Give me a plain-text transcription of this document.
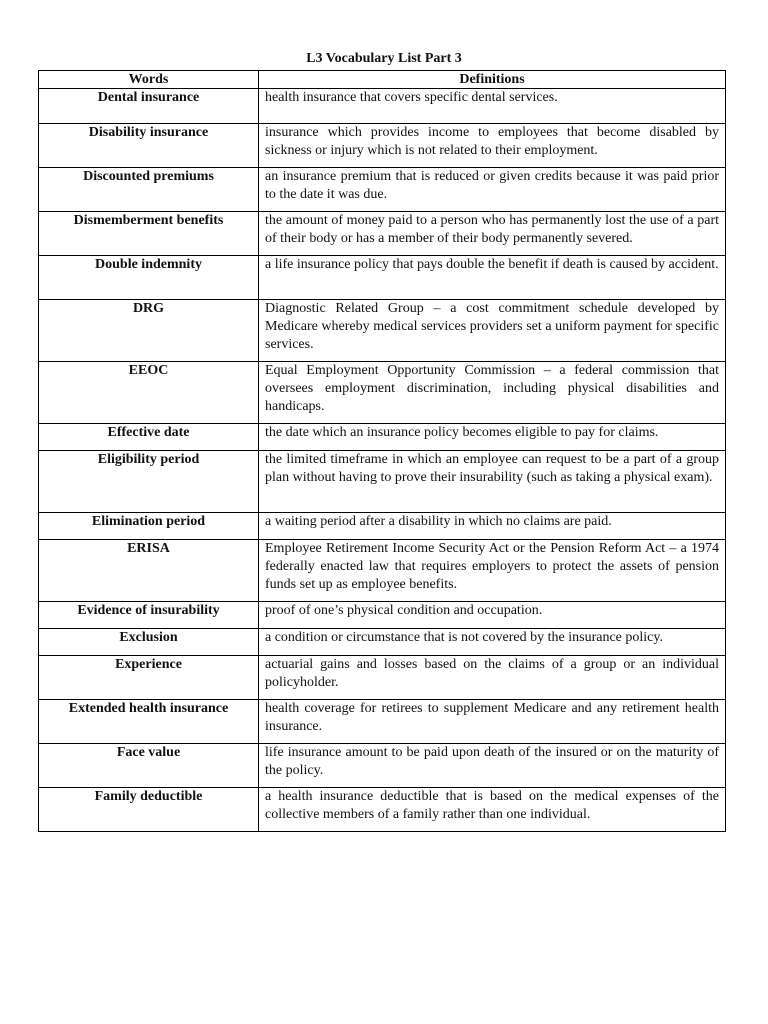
L3 Vocabulary List Part 3
Words	Definitions
Dental insurance	health insurance that covers specific dental services.
Disability insurance	insurance which provides income to employees that become disabled by sickness or injury which is not related to their employment.
Discounted premiums	an insurance premium that is reduced or given credits because it was paid prior to the date it was due.
Dismemberment benefits	the amount of money paid to a person who has permanently lost the use of a part of their body or has a member of their body permanently severed.
Double indemnity	a life insurance policy that pays double the benefit if death is caused by accident.
DRG	Diagnostic Related Group – a cost commitment schedule developed by Medicare whereby medical services providers set a uniform payment for specific services.
EEOC	Equal Employment Opportunity Commission – a federal commission that oversees employment discrimination, including physical disabilities and handicaps.
Effective date	the date which an insurance policy becomes eligible to pay for claims.
Eligibility period	the limited timeframe in which an employee can request to be a part of a group plan without having to prove their insurability (such as taking a physical exam).
Elimination period	a waiting period after a disability in which no claims are paid.
ERISA	Employee Retirement Income Security Act or the Pension Reform Act – a 1974 federally enacted law that requires employers to protect the assets of pension funds set up as employee benefits.
Evidence of insurability	proof of one’s physical condition and occupation.
Exclusion	a condition or circumstance that is not covered by the insurance policy.
Experience	actuarial gains and losses based on the claims of a group or an individual policyholder.
Extended health insurance	health coverage for retirees to supplement Medicare and any retirement health insurance.
Face value	life insurance amount to be paid upon death of the insured or on the maturity of the policy.
Family deductible	a health insurance deductible that is based on the medical expenses of the collective members of a family rather than one individual.
